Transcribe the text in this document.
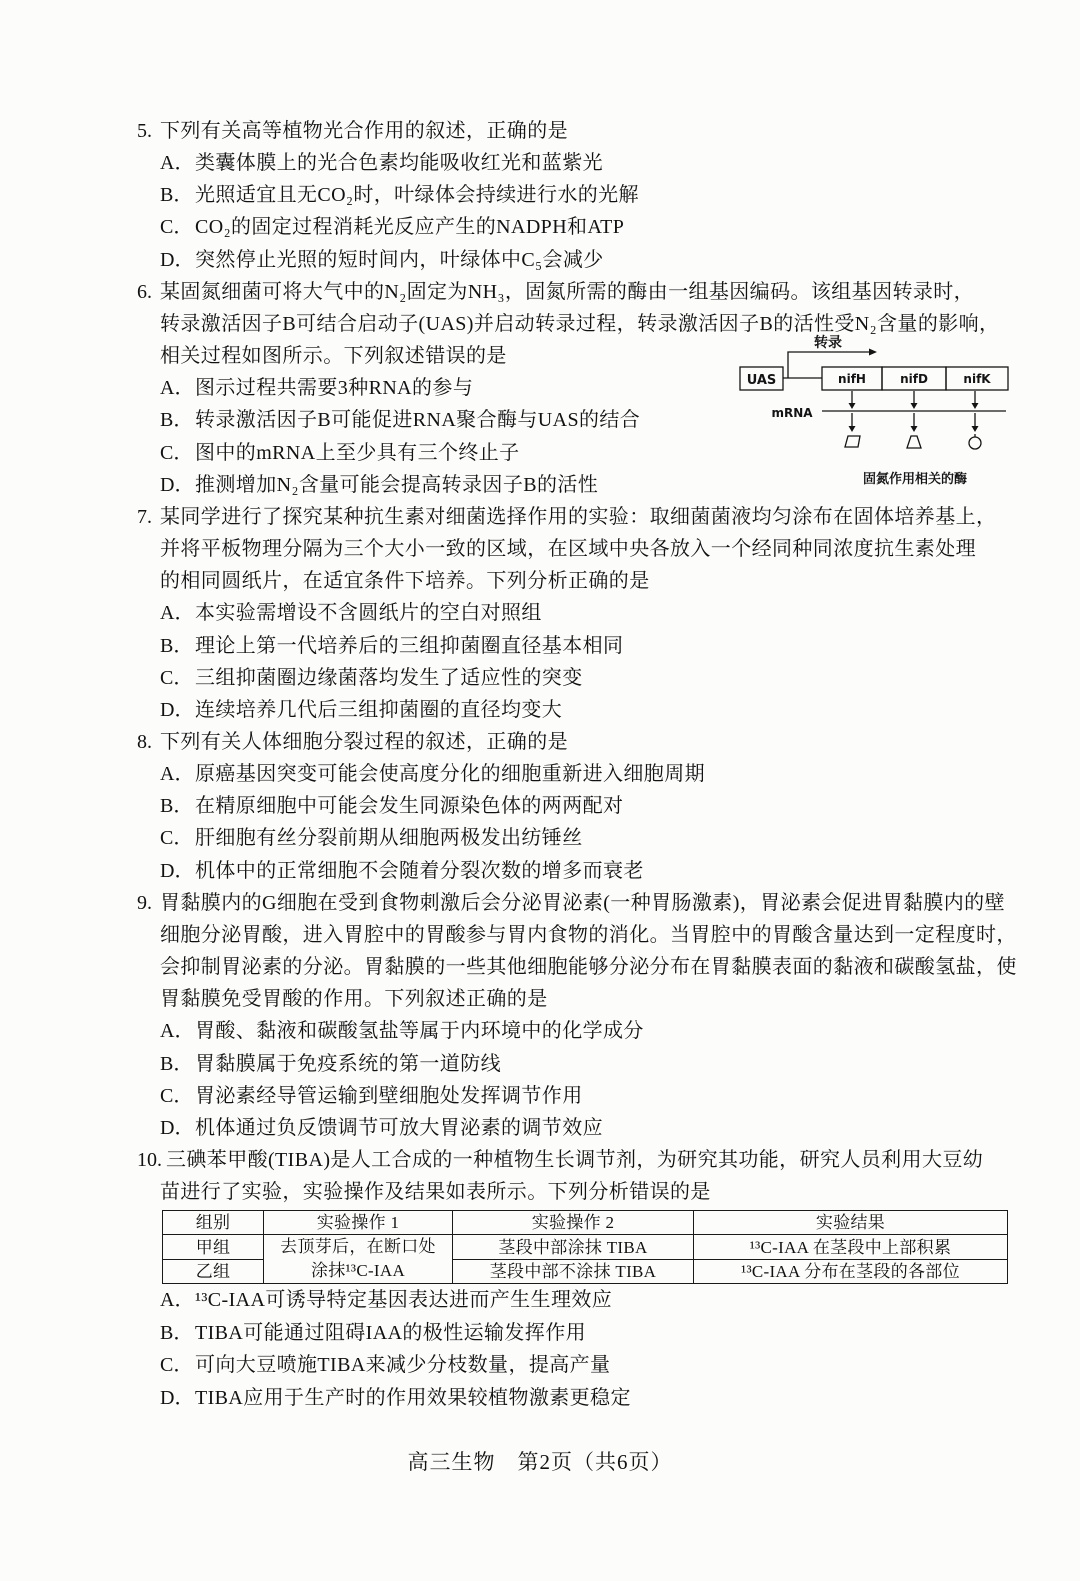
5. 下列有关高等植物光合作用的叙述，正确的是
A．类囊体膜上的光合色素均能吸收红光和蓝紫光
B．光照适宜且无CO₂时，叶绿体会持续进行水的光解
C．CO₂的固定过程消耗光反应产生的NADPH和ATP
D．突然停止光照的短时间内，叶绿体中C₅会减少
6. 某固氮细菌可将大气中的N₂固定为NH₃，固氮所需的酶由一组基因编码。该组基因转录时，
转录激活因子B可结合启动子(UAS)并启动转录过程，转录激活因子B的活性受N₂含量的影响，
相关过程如图所示。下列叙述错误的是
A．图示过程共需要3种RNA的参与
B．转录激活因子B可能促进RNA聚合酶与UAS的结合
C．图中的mRNA上至少具有三个终止子
D．推测增加N₂含量可能会提高转录因子B的活性
7. 某同学进行了探究某种抗生素对细菌选择作用的实验：取细菌菌液均匀涂布在固体培养基上，
并将平板物理分隔为三个大小一致的区域，在区域中央各放入一个经同种同浓度抗生素处理
的相同圆纸片，在适宜条件下培养。下列分析正确的是
A．本实验需增设不含圆纸片的空白对照组
B．理论上第一代培养后的三组抑菌圈直径基本相同
C．三组抑菌圈边缘菌落均发生了适应性的突变
D．连续培养几代后三组抑菌圈的直径均变大
8. 下列有关人体细胞分裂过程的叙述，正确的是
A．原癌基因突变可能会使高度分化的细胞重新进入细胞周期
B．在精原细胞中可能会发生同源染色体的两两配对
C．肝细胞有丝分裂前期从细胞两极发出纺锤丝
D．机体中的正常细胞不会随着分裂次数的增多而衰老
9. 胃黏膜内的G细胞在受到食物刺激后会分泌胃泌素(一种胃肠激素)，胃泌素会促进胃黏膜内的壁
细胞分泌胃酸，进入胃腔中的胃酸参与胃内食物的消化。当胃腔中的胃酸含量达到一定程度时，
会抑制胃泌素的分泌。胃黏膜的一些其他细胞能够分泌分布在胃黏膜表面的黏液和碳酸氢盐，使
胃黏膜免受胃酸的作用。下列叙述正确的是
A．胃酸、黏液和碳酸氢盐等属于内环境中的化学成分
B．胃黏膜属于免疫系统的第一道防线
C．胃泌素经导管运输到壁细胞处发挥调节作用
D．机体通过负反馈调节可放大胃泌素的调节效应
10. 三碘苯甲酸(TIBA)是人工合成的一种植物生长调节剂，为研究其功能，研究人员利用大豆幼
苗进行了实验，实验操作及结果如表所示。下列分析错误的是
组别	实验操作 1	实验操作 2	实验结果
甲组	去顶芽后，在断口处
涂抹¹³C-IAA	茎段中部涂抹 TIBA	¹³C-IAA 在茎段中上部积累
乙组		茎段中部不涂抹 TIBA	¹³C-IAA 分布在茎段的各部位
A．¹³C-IAA可诱导特定基因表达进而产生生理效应
B．TIBA可能通过阻碍IAA的极性运输发挥作用
C．可向大豆喷施TIBA来减少分枝数量，提高产量
D．TIBA应用于生产时的作用效果较植物激素更稳定
转录
UAS	nifH	nifD	nifK
mRNA
固氮作用相关的酶
高三生物　第2页（共6页）
